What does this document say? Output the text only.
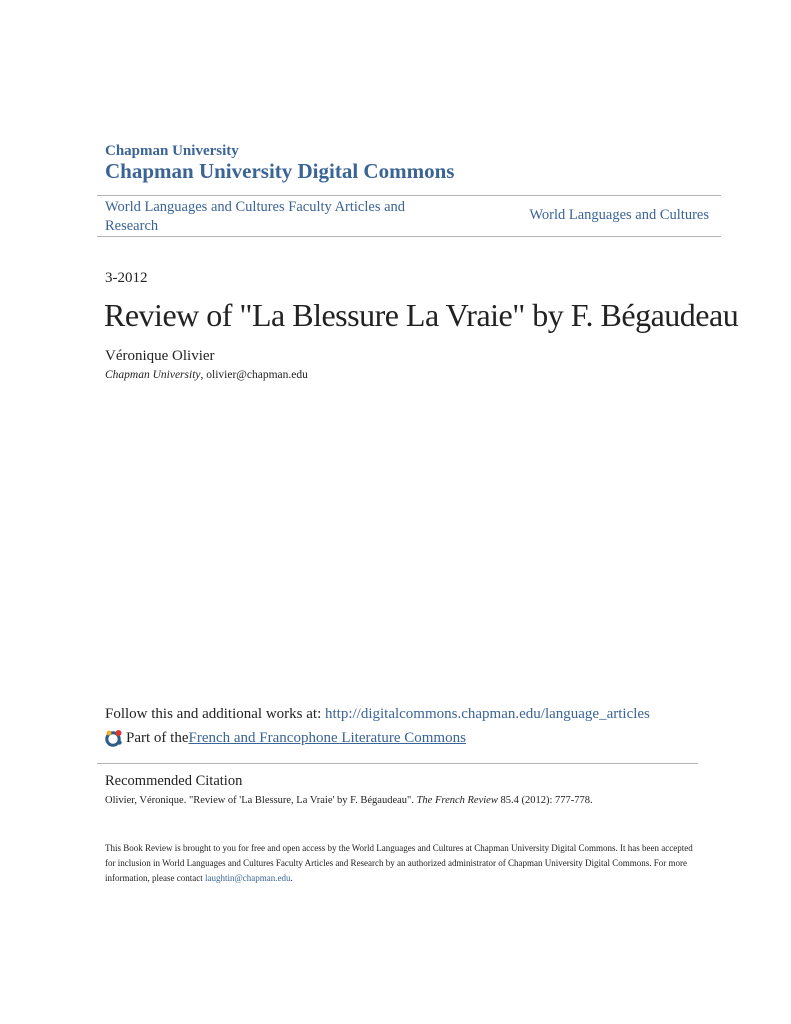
Chapman University
Chapman University Digital Commons
World Languages and Cultures Faculty Articles and Research
World Languages and Cultures
3-2012
Review of "La Blessure La Vraie" by F. Bégaudeau
Véronique Olivier
Chapman University, olivier@chapman.edu
Follow this and additional works at: http://digitalcommons.chapman.edu/language_articles
Part of the French and Francophone Literature Commons
Recommended Citation
Olivier, Véronique. "Review of 'La Blessure, La Vraie' by F. Bégaudeau". The French Review 85.4 (2012): 777-778.
This Book Review is brought to you for free and open access by the World Languages and Cultures at Chapman University Digital Commons. It has been accepted for inclusion in World Languages and Cultures Faculty Articles and Research by an authorized administrator of Chapman University Digital Commons. For more information, please contact laughtin@chapman.edu.
